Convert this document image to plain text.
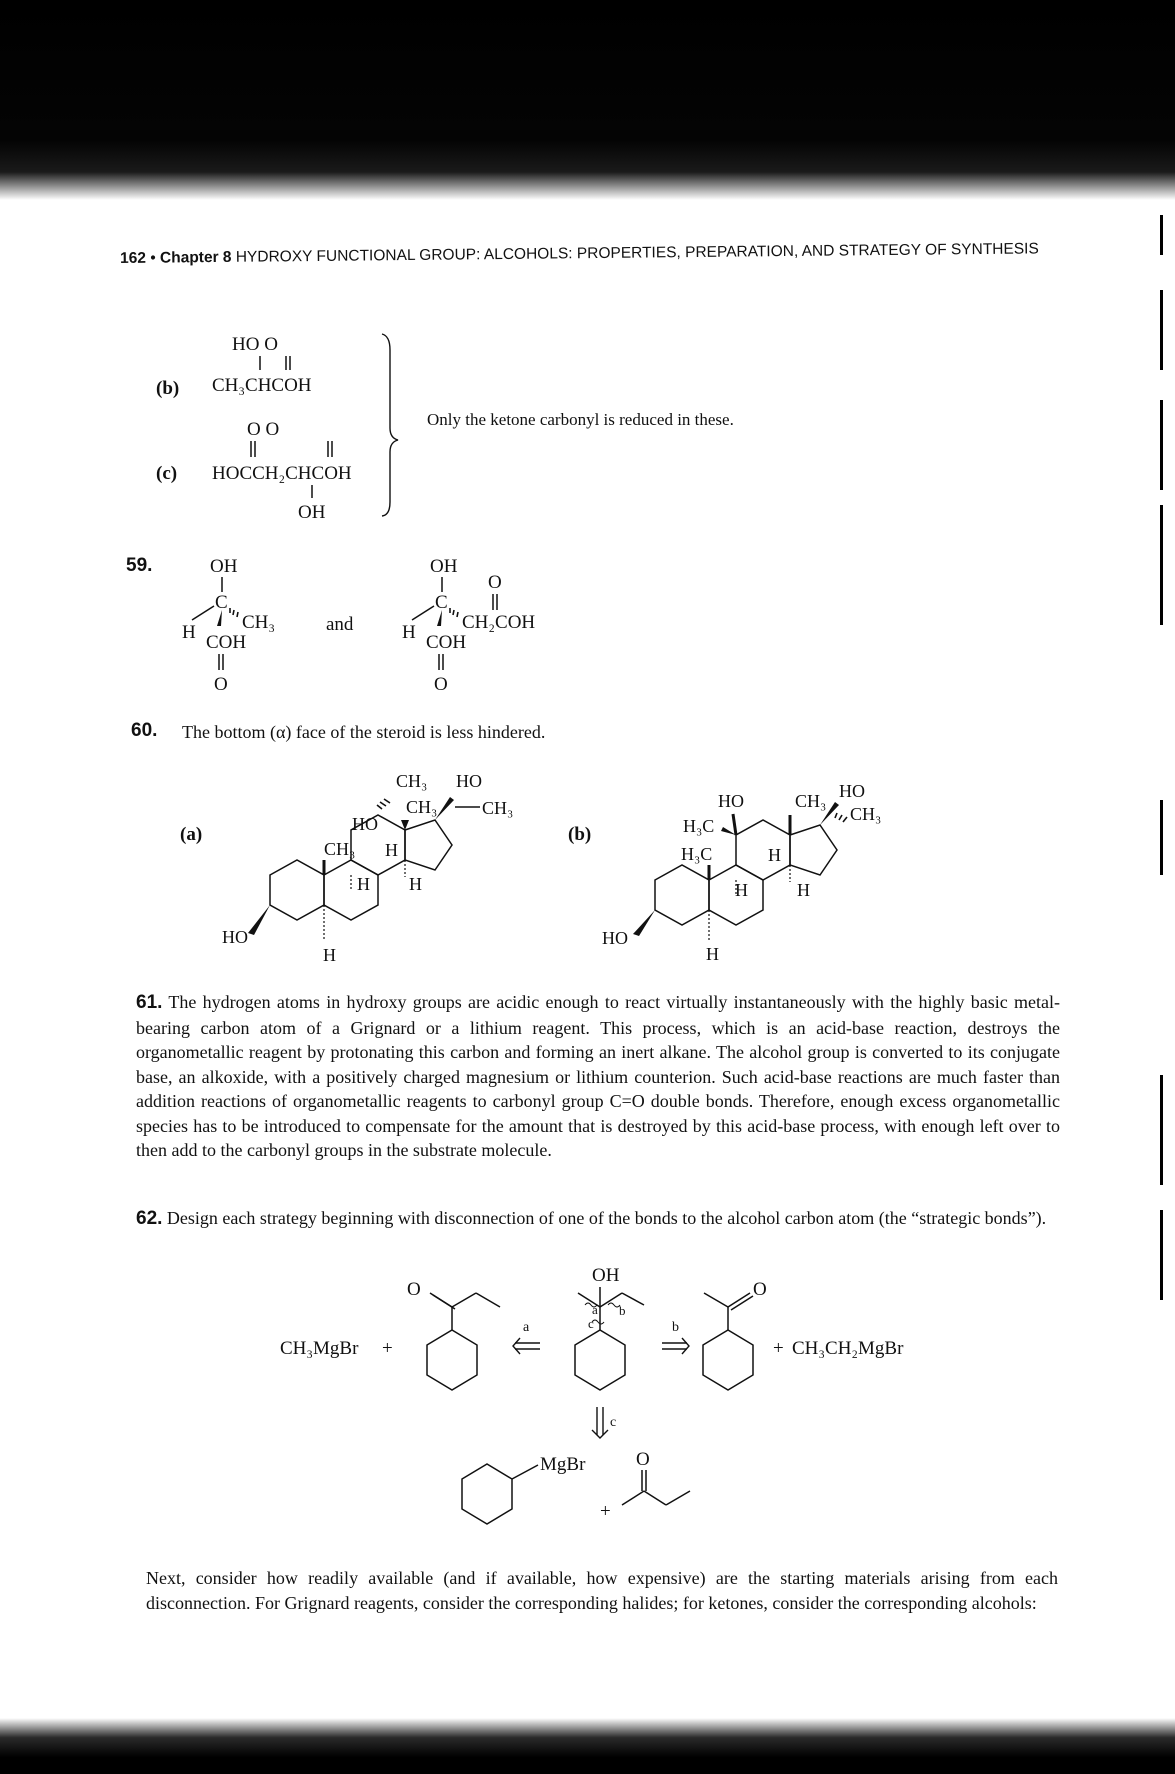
162 • Chapter 8 HYDROXY FUNCTIONAL GROUP: ALCOHOLS: PROPERTIES, PREPARATION, AND STRATEGY OF SYNTHESIS
HO O
(b) CH₃CHCOH
O O
(c) HOCCH₂CHCOH
OH
Only the ketone carbonyl is reduced in these.
59.	OH
C
H CH₃
COH
O
and
OH
C
H
O
CH₂COH
COH
O
60. The bottom (α) face of the steroid is less hindered.
(a)	HO
CH₃
CH₃
HO
CH₃
CH₃ H
H H
H
HO
(b)
HO
H₃C
H₃C
CH₃ HO
CH₃
H
H	H
H
HO
61. The hydrogen atoms in hydroxy groups are acidic enough to react virtually instantaneously with the highly basic metal-bearing carbon atom of a Grignard or a lithium reagent. This process, which is an acid-base reaction, destroys the organometallic reagent by protonating this carbon and forming an inert alkane. The alcohol group is converted to its conjugate base, an alkoxide, with a positively charged magnesium or lithium counterion. Such acid-base reactions are much faster than addition reactions of organometallic reagents to carbonyl group C=O double bonds. Therefore, enough excess organometallic species has to be introduced to compensate for the amount that is destroyed by this acid-base process, with enough left over to then add to the carbonyl groups in the substrate molecule.
62. Design each strategy beginning with disconnection of one of the bonds to the alcohol carbon atom (the “strategic bonds”).
CH₃MgBr +
O
a
OH
a b
c	b
O
+ CH₃CH₂MgBr
c
MgBr
+
O
Next, consider how readily available (and if available, how expensive) are the starting materials arising from each disconnection. For Grignard reagents, consider the corresponding halides; for ketones, consider the corresponding alcohols:
